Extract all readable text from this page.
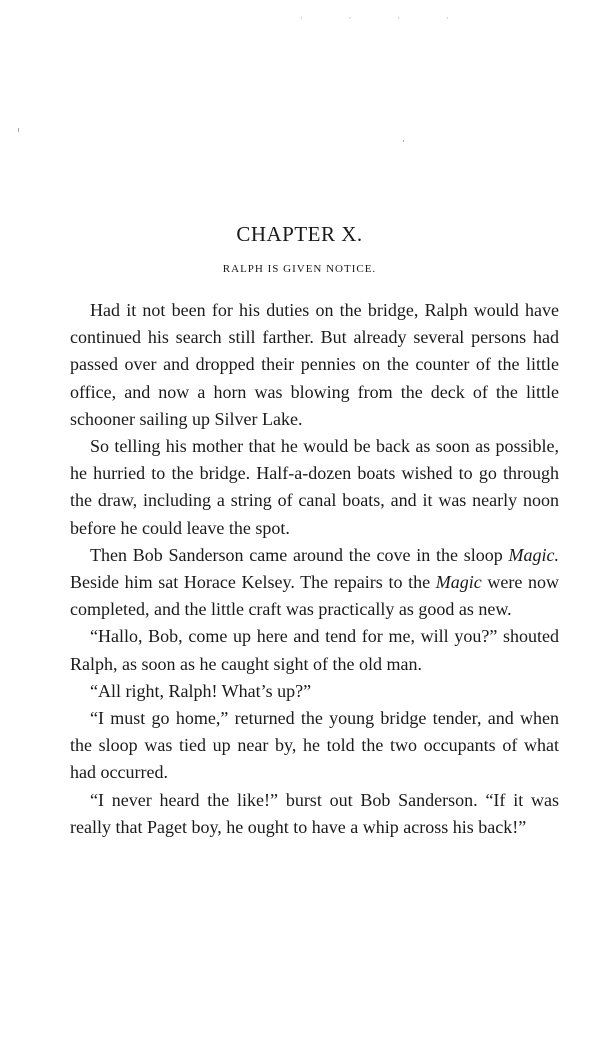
· · · ·
CHAPTER X.
RALPH IS GIVEN NOTICE.

Had it not been for his duties on the bridge, Ralph would have continued his search still farther. But already several persons had passed over and dropped their pennies on the counter of the little office, and now a horn was blowing from the deck of the little schooner sailing up Silver Lake.

So telling his mother that he would be back as soon as possible, he hurried to the bridge. Half-a-dozen boats wished to go through the draw, including a string of canal boats, and it was nearly noon before he could leave the spot.

Then Bob Sanderson came around the cove in the sloop Magic. Beside him sat Horace Kelsey. The repairs to the Magic were now completed, and the little craft was practically as good as new.

“Hallo, Bob, come up here and tend for me, will you?” shouted Ralph, as soon as he caught sight of the old man.

“All right, Ralph! What’s up?”

“I must go home,” returned the young bridge tender, and when the sloop was tied up near by, he told the two occupants of what had occurred.

“I never heard the like!” burst out Bob Sanderson. “If it was really that Paget boy, he ought to have a whip across his back!”
